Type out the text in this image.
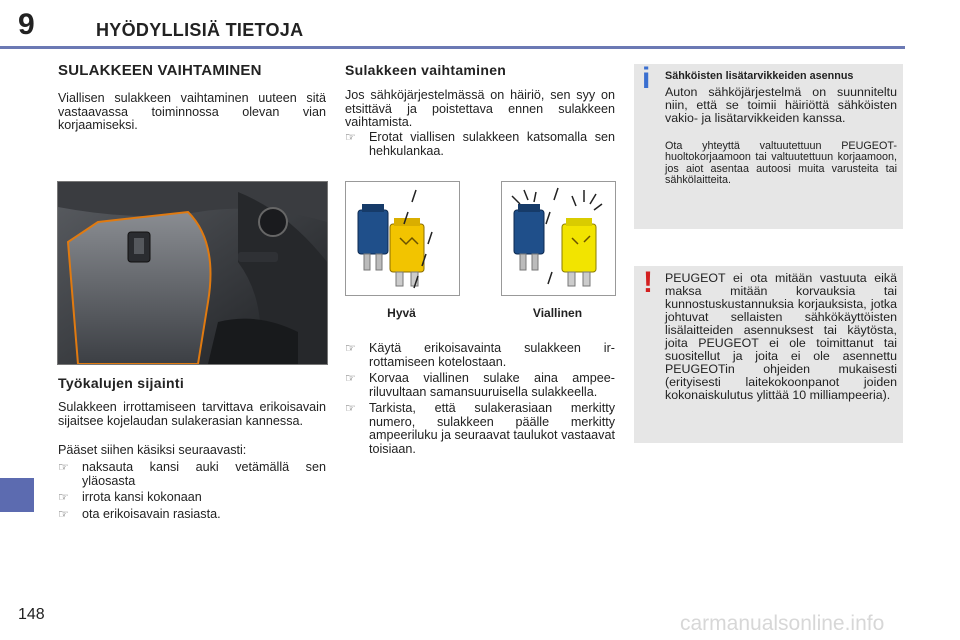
9	HYÖDYLLISIÄ TIETOJA
SULAKKEEN VAIHTAMINEN
Viallisen sulakkeen vaihtaminen uuteen sitä vastaavassa toiminnossa olevan vian korjaamiseksi.
Työkalujen sijainti
Sulakkeen irrottamiseen tarvittava erikoisavain sijaitsee kojelaudan sulakerasian kannessa.
Pääset siihen käsiksi seuraavasti:
☞ naksauta kansi auki vetämällä sen yläosasta
☞ irrota kansi kokonaan
☞ ota erikoisavain rasiasta.
Sulakkeen vaihtaminen
Jos sähköjärjestelmässä on häiriö, sen syy on etsittävä ja poistettava ennen sulakkeen vaihtamista.
☞ Erotat viallisen sulakkeen katsomalla sen hehkulankaa.
Hyvä	Viallinen
☞ Käytä erikoisavainta sulakkeen irrottamiseen kotelostaan.
☞ Korvaa viallinen sulake aina ampeeriluvultaan samansuuruisella sulakkeella.
☞ Tarkista, että sulakerasiaan merkitty numero, sulakkeen päälle merkitty ampeeriluku ja seuraavat taulukot vastaavat toisiaan.
i Sähköisten lisätarvikkeiden asennus
Auton sähköjärjestelmä on suunniteltu niin, että se toimii häiriöttä sähköisten vakio- ja lisätarvikkeiden kanssa.
Ota yhteyttä valtuutettuun PEUGEOT-huoltokorjaamoon tai valtuutettuun korjaamoon, jos aiot asentaa autoosi muita varusteita tai sähkölaitteita.
! PEUGEOT ei ota mitään vastuuta eikä maksa mitään korvauksia tai kunnostuskustannuksia korjauksista, jotka johtuvat sellaisten sähkökäyttöisten lisälaitteiden asennuksest tai käytösta, joita PEUGEOT ei ole toimittanut tai suositellut ja joita ei ole asennettu PEUGEOTin ohjeiden mukaisesti (erityisesti laitekokoonpanot joiden kokonaiskulutus ylittää 10 milliampeeria).
148	carmanualsonline.info
